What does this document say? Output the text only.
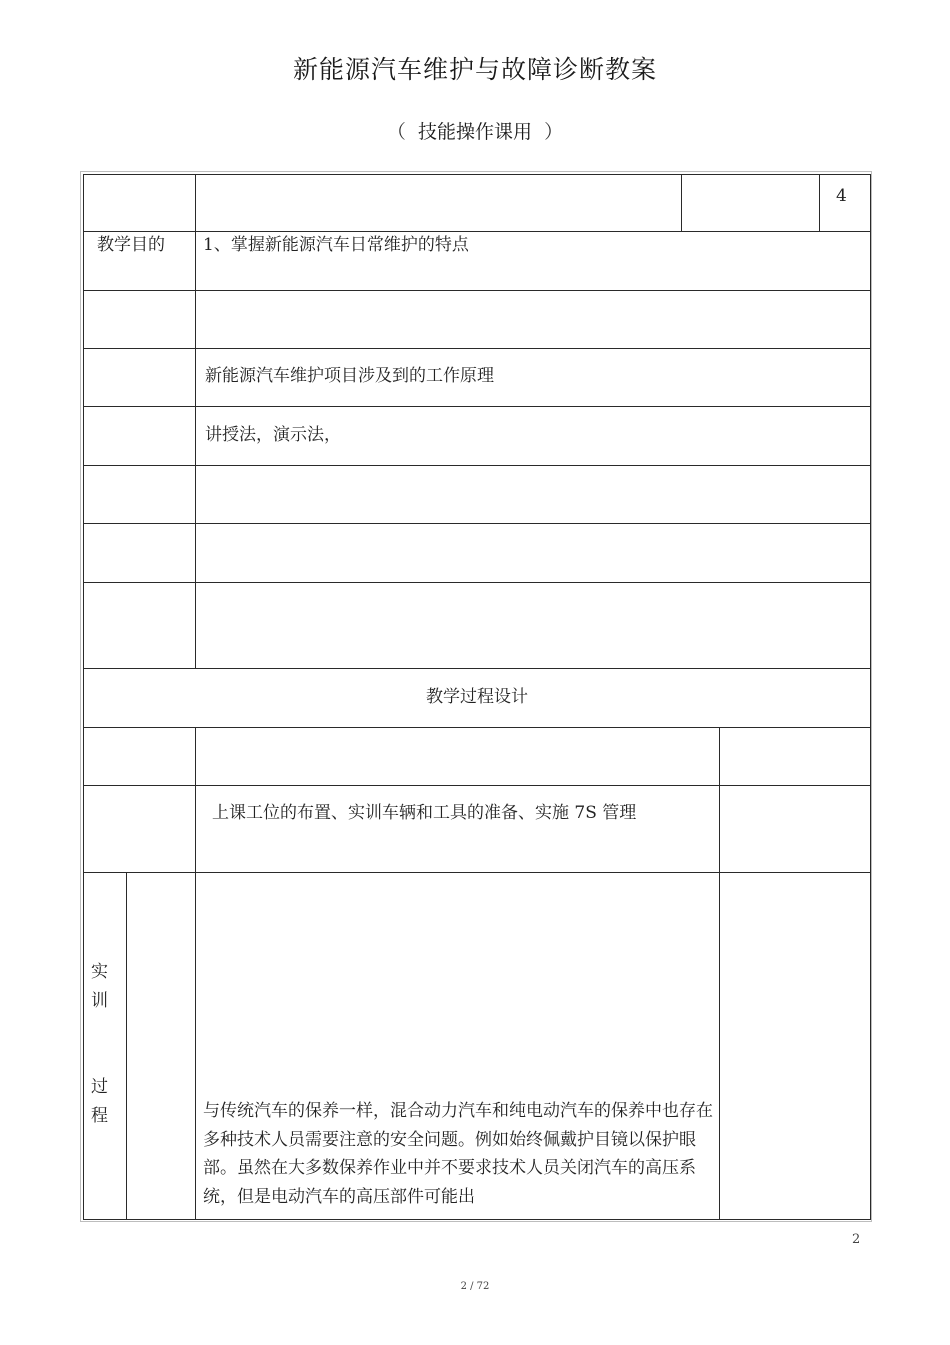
新能源汽车维护与故障诊断教案
（ 技能操作课用 ）
4
教学目的 1、掌握新能源汽车日常维护的特点
新能源汽车维护项目涉及到的工作原理
讲授法，演示法，
教学过程设计
上课工位的布置、实训车辆和工具的准备、实施 7S 管理
实
训
过
程	与传统汽车的保养一样，混合动力汽车和纯电动汽车的保养中也存在多种技术人员需要注意的安全问题。例如始终佩戴护目镜以保护眼部。虽然在大多数保养作业中并不要求技术人员关闭汽车的高压系统，但是电动汽车的高压部件可能出
2
2 / 72
